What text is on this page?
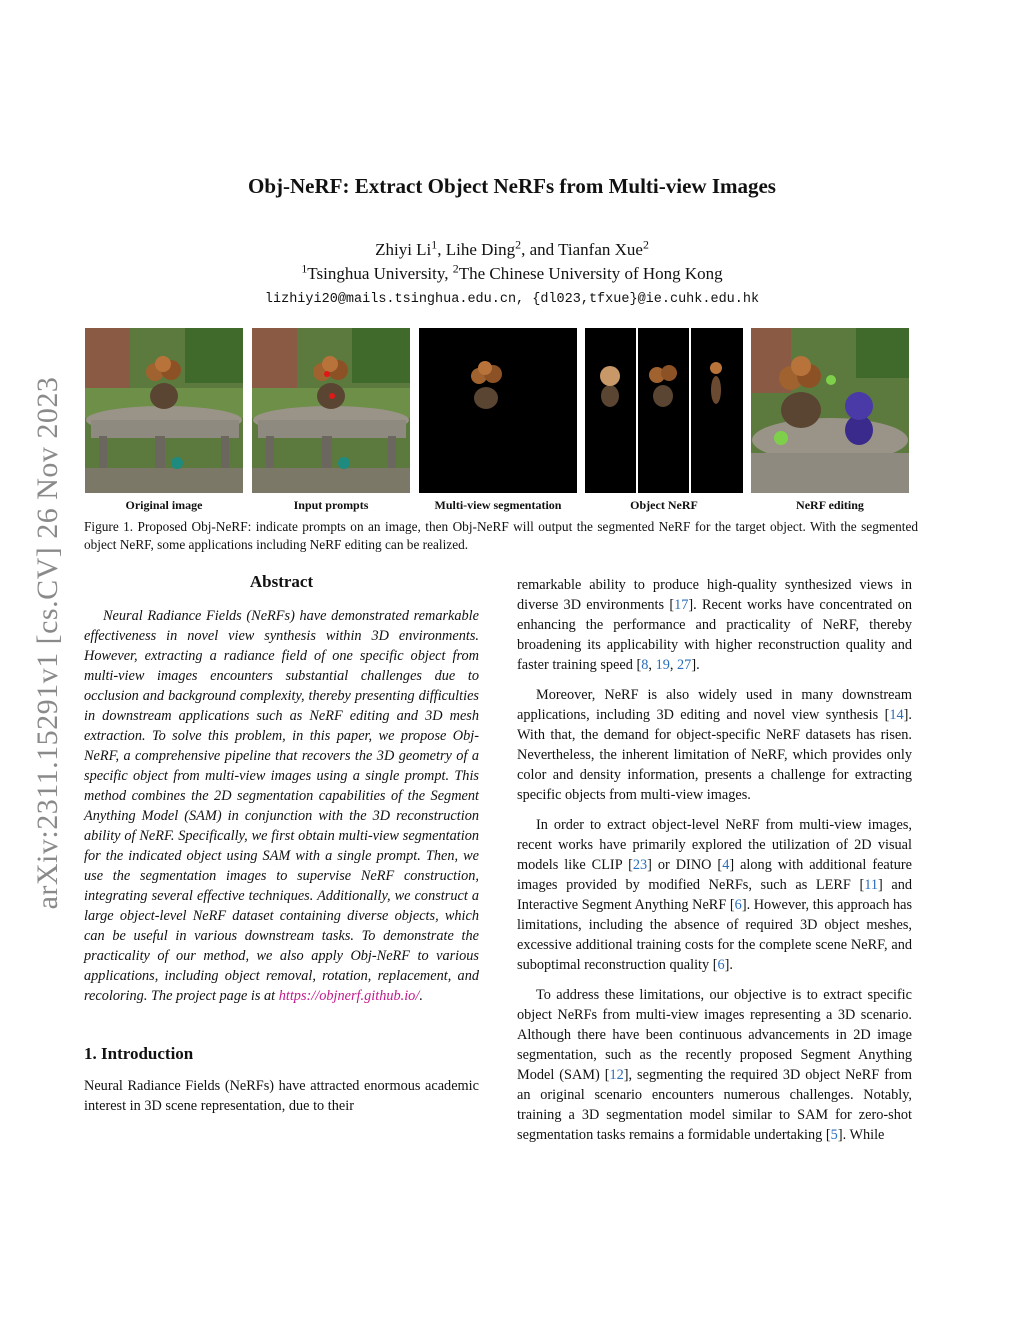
arXiv:2311.15291v1 [cs.CV] 26 Nov 2023
Obj-NeRF: Extract Object NeRFs from Multi-view Images
Zhiyi Li$^1$, Lihe Ding$^2$, and Tianfan Xue$^2$
$^1$Tsinghua University, $^2$The Chinese University of Hong Kong
lizhiyi20@mails.tsinghua.edu.cn, {dl023,tfxue}@ie.cuhk.edu.hk
Original image	Input prompts	Multi-view segmentation	Object NeRF	NeRF editing
Figure 1. Proposed Obj-NeRF: indicate prompts on an image, then Obj-NeRF will output the segmented NeRF for the target object. With the segmented object NeRF, some applications including NeRF editing can be realized.
Abstract

Neural Radiance Fields (NeRFs) have demonstrated remarkable effectiveness in novel view synthesis within 3D environments. However, extracting a radiance field of one specific object from multi-view images encounters substantial challenges due to occlusion and background complexity, thereby presenting difficulties in downstream applications such as NeRF editing and 3D mesh extraction. To solve this problem, in this paper, we propose Obj-NeRF, a comprehensive pipeline that recovers the 3D geometry of a specific object from multi-view images using a single prompt. This method combines the 2D segmentation capabilities of the Segment Anything Model (SAM) in conjunction with the 3D reconstruction ability of NeRF. Specifically, we first obtain multi-view segmentation for the indicated object using SAM with a single prompt. Then, we use the segmentation images to supervise NeRF construction, integrating several effective techniques. Additionally, we construct a large object-level NeRF dataset containing diverse objects, which can be useful in various downstream tasks. To demonstrate the practicality of our method, we also apply Obj-NeRF to various applications, including object removal, rotation, replacement, and recoloring. The project page is at https://objnerf.github.io/.

1. Introduction

Neural Radiance Fields (NeRFs) have attracted enormous academic interest in 3D scene representation, due to their

remarkable ability to produce high-quality synthesized views in diverse 3D environments [17]. Recent works have concentrated on enhancing the performance and practicality of NeRF, thereby broadening its applicability with higher reconstruction quality and faster training speed [8, 19, 27].

Moreover, NeRF is also widely used in many downstream applications, including 3D editing and novel view synthesis [14]. With that, the demand for object-specific NeRF datasets has risen. Nevertheless, the inherent limitation of NeRF, which provides only color and density information, presents a challenge for extracting specific objects from multi-view images.

In order to extract object-level NeRF from multi-view images, recent works have primarily explored the utilization of 2D visual models like CLIP [23] or DINO [4] along with additional feature images provided by modified NeRFs, such as LERF [11] and Interactive Segment Anything NeRF [6]. However, this approach has limitations, including the absence of required 3D object meshes, excessive additional training costs for the complete scene NeRF, and suboptimal reconstruction quality [6].

To address these limitations, our objective is to extract specific object NeRFs from multi-view images representing a 3D scenario. Although there have been continuous advancements in 2D image segmentation, such as the recently proposed Segment Anything Model (SAM) [12], segmenting the required 3D object NeRF from an original scenario encounters numerous challenges. Notably, training a 3D segmentation model similar to SAM for zero-shot segmentation tasks remains a formidable undertaking [5]. While
